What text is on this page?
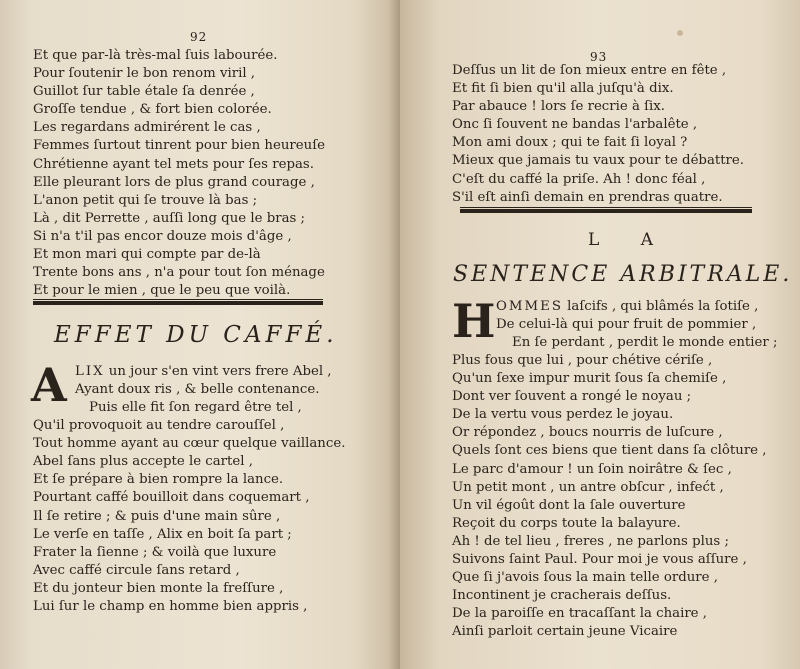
92
Et que par-là très-mal ſuis labourée.
Pour ſoutenir le bon renom viril ,
Guillot ſur table étale ſa denrée ,
Groſſe tendue , & fort bien colorée.
Les regardans admirérent le cas ,
Femmes ſurtout tinrent pour bien heureuſe
Chrétienne ayant tel mets pour ſes repas.
Elle pleurant lors de plus grand courage ,
L'anon petit qui ſe trouve là bas ;
Là , dit Perrette , auſſi long que le bras ;
Si n'a t'il pas encor douze mois d'âge ,
Et mon mari qui compte par de-là
Trente bons ans , n'a pour tout ſon ménage
Et pour le mien , que le peu que voilà.
EFFET DU CAFFÉ.
A LIX un jour s'en vint vers frere Abel ,
Ayant doux ris , & belle contenance.
Puis elle fit ſon regard être tel ,
Qu'il provoquoit au tendre carouſſel ,
Tout homme ayant au cœur quelque vaillance.
Abel ſans plus accepte le cartel ,
Et ſe prépare à bien rompre la lance.
Pourtant caffé bouilloit dans coquemart ,
Il ſe retire ; & puis d'une main sûre ,
Le verſe en taſſe , Alix en boit ſa part ;
Frater la ſienne ; & voilà que luxure
Avec caffé circule ſans retard ,
Et du jonteur bien monte la freſſure ,
Lui ſur le champ en homme bien appris ,
93
Deſſus un lit de ſon mieux entre en fête ,
Et fit ſi bien qu'il alla juſqu'à dix.
Par abauce ! lors ſe recrie à ſix.
Onc ſi ſouvent ne bandas l'arbalête ,
Mon ami doux ; qui te fait ſi loyal ?
Mieux que jamais tu vaux pour te débattre.
C'eſt du caffé la priſe. Ah ! donc féal ,
S'il eſt ainſi demain en prendras quatre.
L A
SENTENCE ARBITRALE.
H OMMES laſcifs , qui blâmés la ſotiſe ,
De celui-là qui pour fruit de pommier ,
En ſe perdant , perdit le monde entier ;
Plus fous que lui , pour chétive cériſe ,
Qu'un ſexe impur murit ſous ſa chemiſe ,
Dont ver ſouvent a rongé le noyau ;
De la vertu vous perdez le joyau.
Or répondez , boucs nourris de luſcure ,
Quels ſont ces biens que tient dans ſa clôture ,
Le parc d'amour ! un ſoin noirâtre & ſec ,
Un petit mont , un antre obſcur , infećt ,
Un vil égoût dont la ſale ouverture
Reçoit du corps toute la balayure.
Ah ! de tel lieu , freres , ne parlons plus ;
Suivons ſaint Paul. Pour moi je vous aſſure ,
Que ſi j'avois ſous la main telle ordure ,
Incontinent je cracherais deſſus.
De la paroiſſe en tracaſſant la chaire ,
Ainſi parloit certain jeune Vicaire
